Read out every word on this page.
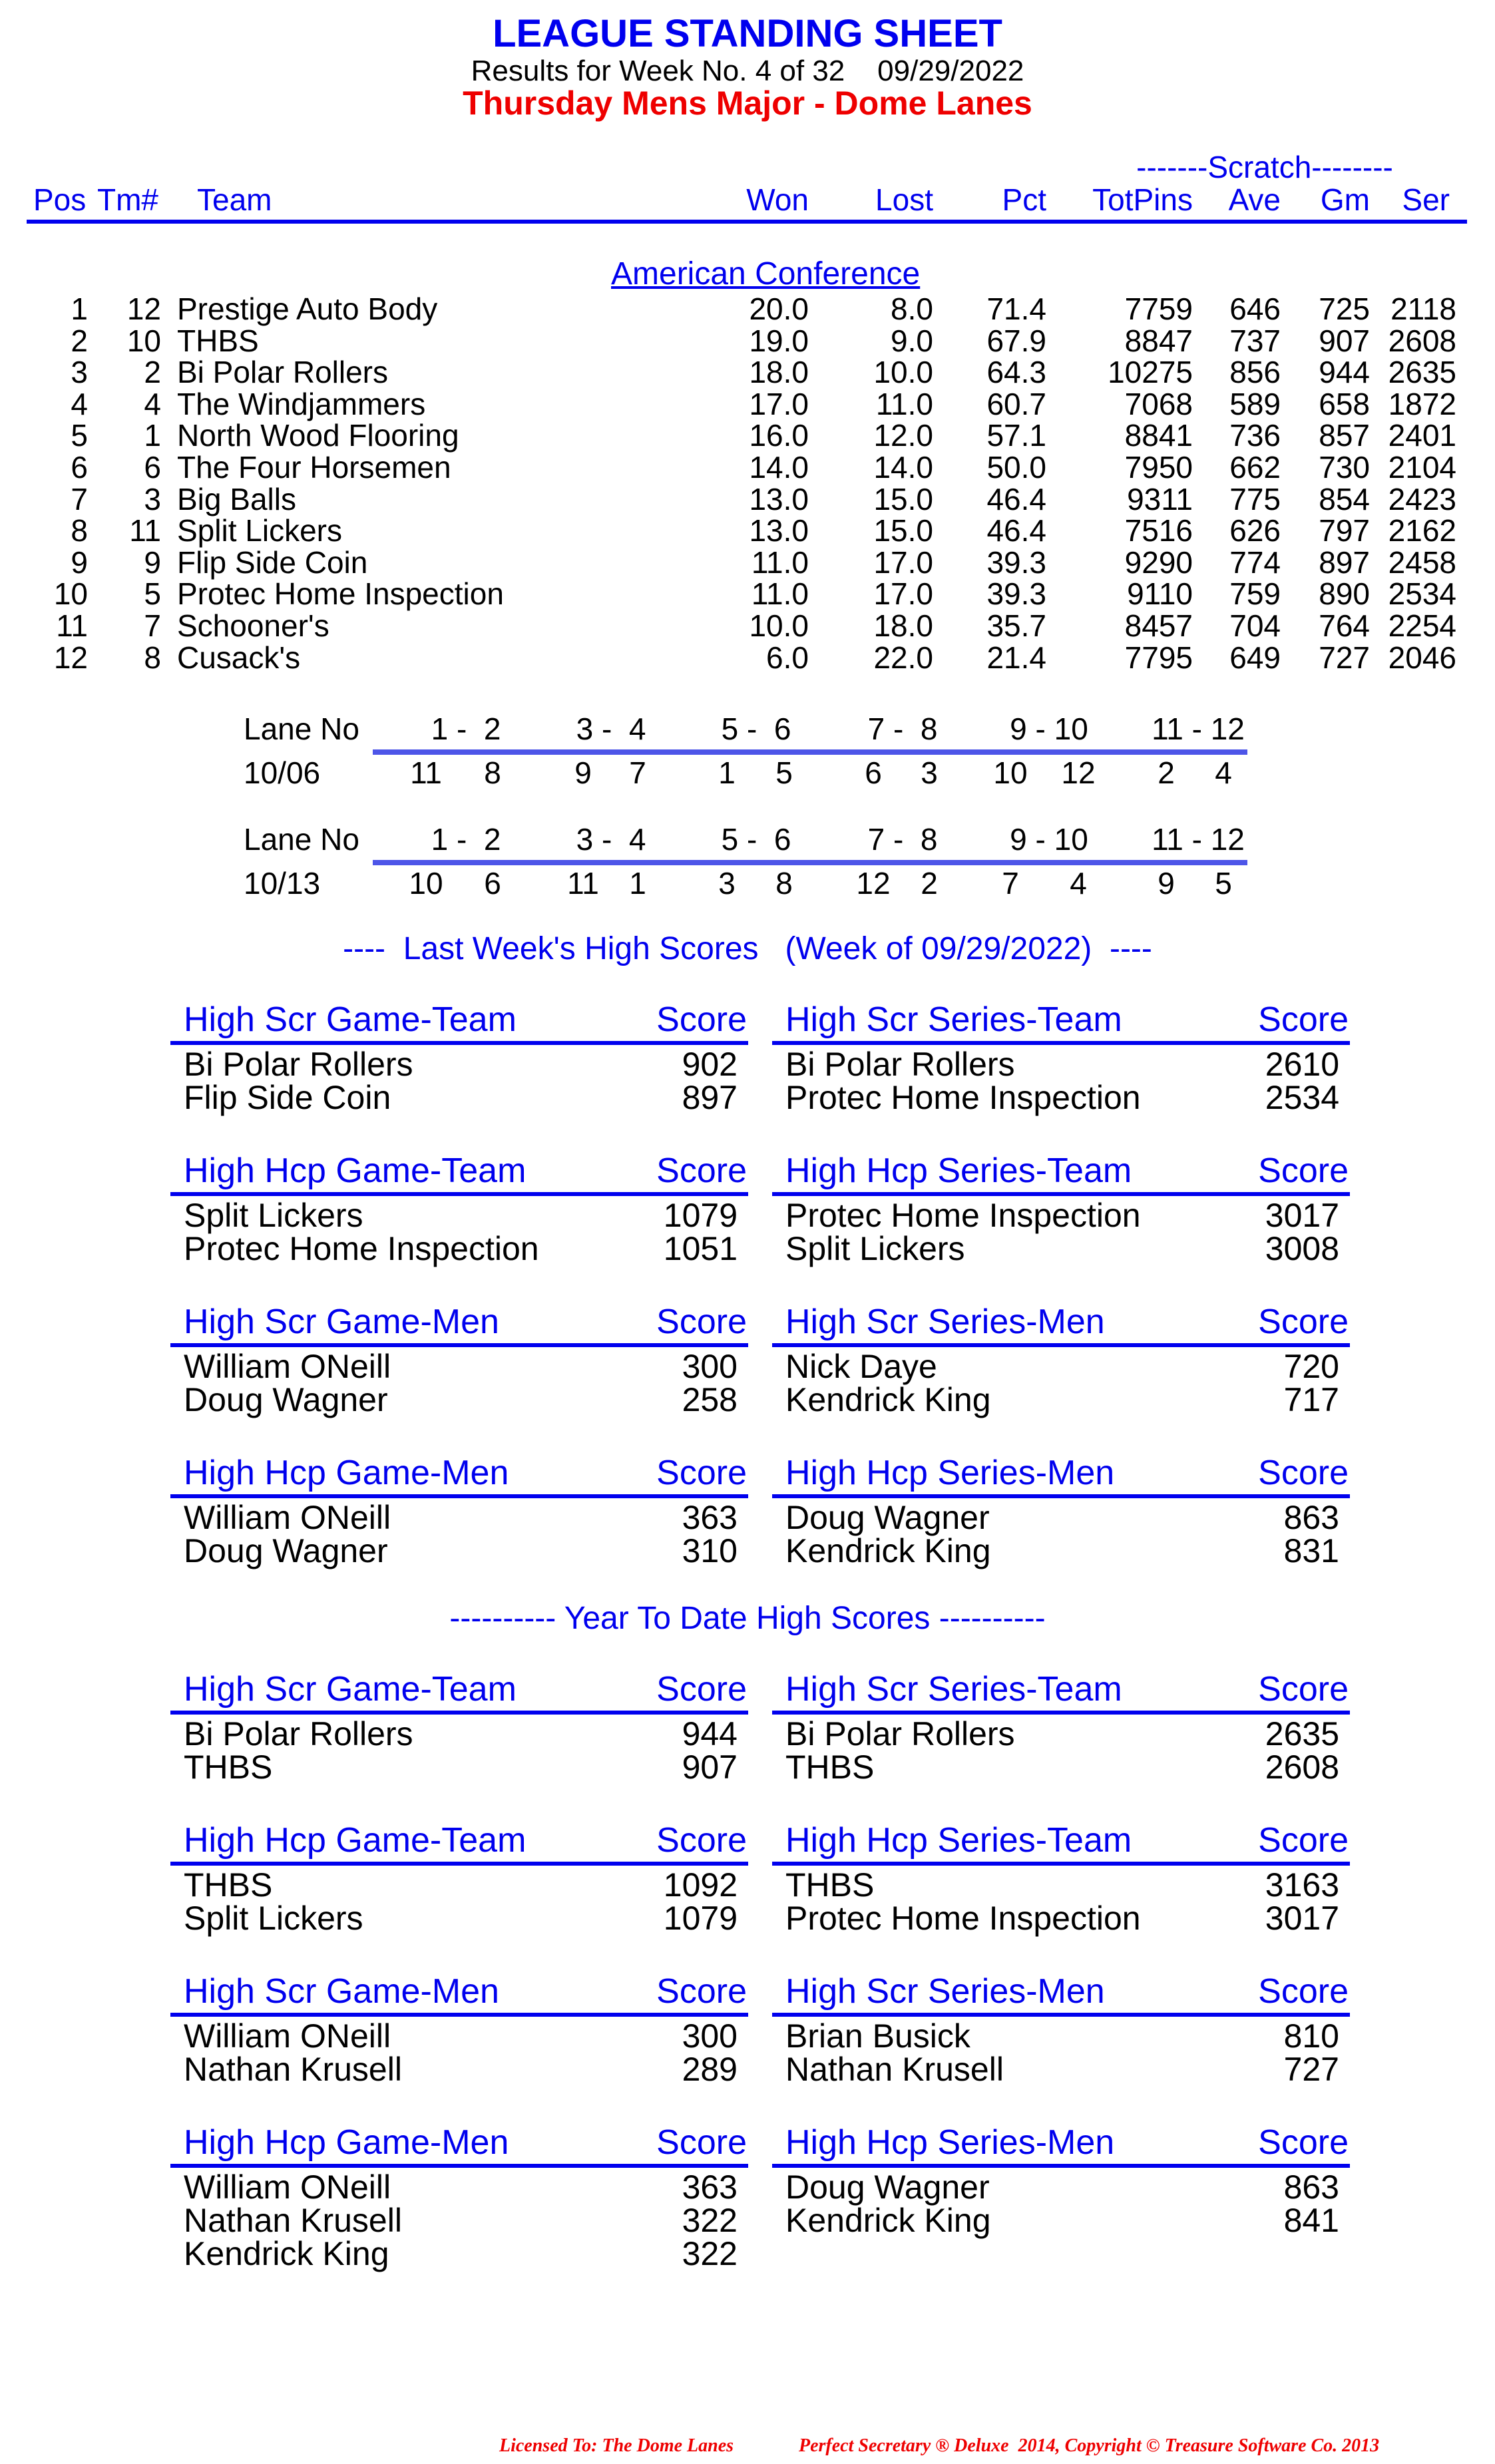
LEAGUE STANDING SHEET
Results for Week No. 4 of 32    09/29/2022
Thursday Mens Major - Dome Lanes
-------Scratch--------
Pos Tm# Team	Won	Lost	Pct	TotPins	Ave	Gm	Ser
American Conference
1	12 Prestige Auto Body	20.0	8.0	71.4	7759	646	725 2118
2	10 THBS	19.0	9.0	67.9	8847	737	907 2608
3	2 Bi Polar Rollers	18.0	10.0	64.3	10275	856	944 2635
4	4 The Windjammers	17.0	11.0	60.7	7068	589	658 1872
5	1 North Wood Flooring	16.0	12.0	57.1	8841	736	857 2401
6	6 The Four Horsemen	14.0	14.0	50.0	7950	662	730 2104
7	3 Big Balls	13.0	15.0	46.4	9311	775	854 2423
8	11 Split Lickers	13.0	15.0	46.4	7516	626	797 2162
9	9 Flip Side Coin	11.0	17.0	39.3	9290	774	897 2458
10	5 Protec Home Inspection	11.0	17.0	39.3	9110	759	890 2534
11	7 Schooner's	10.0	18.0	35.7	8457	704	764 2254
12	8 Cusack's	6.0	22.0	21.4	7795	649	727 2046
Lane No	1 -  2	3 -  4	5 -  6	7 -  8	9 - 10	11 - 12
10/06	11	8	9	7	1	5	6	3	10	12	2	4
Lane No	1 -  2	3 -  4	5 -  6	7 -  8	9 - 10	11 - 12
10/13	10	6	11 1	3	8	12 2	7	4	9	5
----  Last Week's High Scores   (Week of 09/29/2022)  ----
High Scr Game-Team	Score
Bi Polar Rollers	902
Flip Side Coin	897
High Scr Series-Team	Score
Bi Polar Rollers	2610
Protec Home Inspection	2534
High Hcp Game-Team	Score
Split Lickers	1079
Protec Home Inspection	1051
High Hcp Series-Team	Score
Protec Home Inspection	3017
Split Lickers	3008
High Scr Game-Men	Score
William ONeill	300
Doug Wagner	258
High Scr Series-Men	Score
Nick Daye	720
Kendrick King	717
High Hcp Game-Men	Score
William ONeill	363
Doug Wagner	310
High Hcp Series-Men	Score
Doug Wagner	863
Kendrick King	831
---------- Year To Date High Scores ----------
High Scr Game-Team	Score
Bi Polar Rollers	944
THBS	907
High Scr Series-Team	Score
Bi Polar Rollers	2635
THBS	2608
High Hcp Game-Team	Score
THBS	1092
Split Lickers	1079
High Hcp Series-Team	Score
THBS	3163
Protec Home Inspection	3017
High Scr Game-Men	Score
William ONeill	300
Nathan Krusell	289
High Scr Series-Men	Score
Brian Busick	810
Nathan Krusell	727
High Hcp Game-Men	Score
William ONeill	363
Nathan Krusell	322
Kendrick King	322
High Hcp Series-Men	Score
Doug Wagner	863
Kendrick King	841
Licensed To: The Dome Lanes	Perfect Secretary ® Deluxe  2014, Copyright © Treasure Software Co. 2013
